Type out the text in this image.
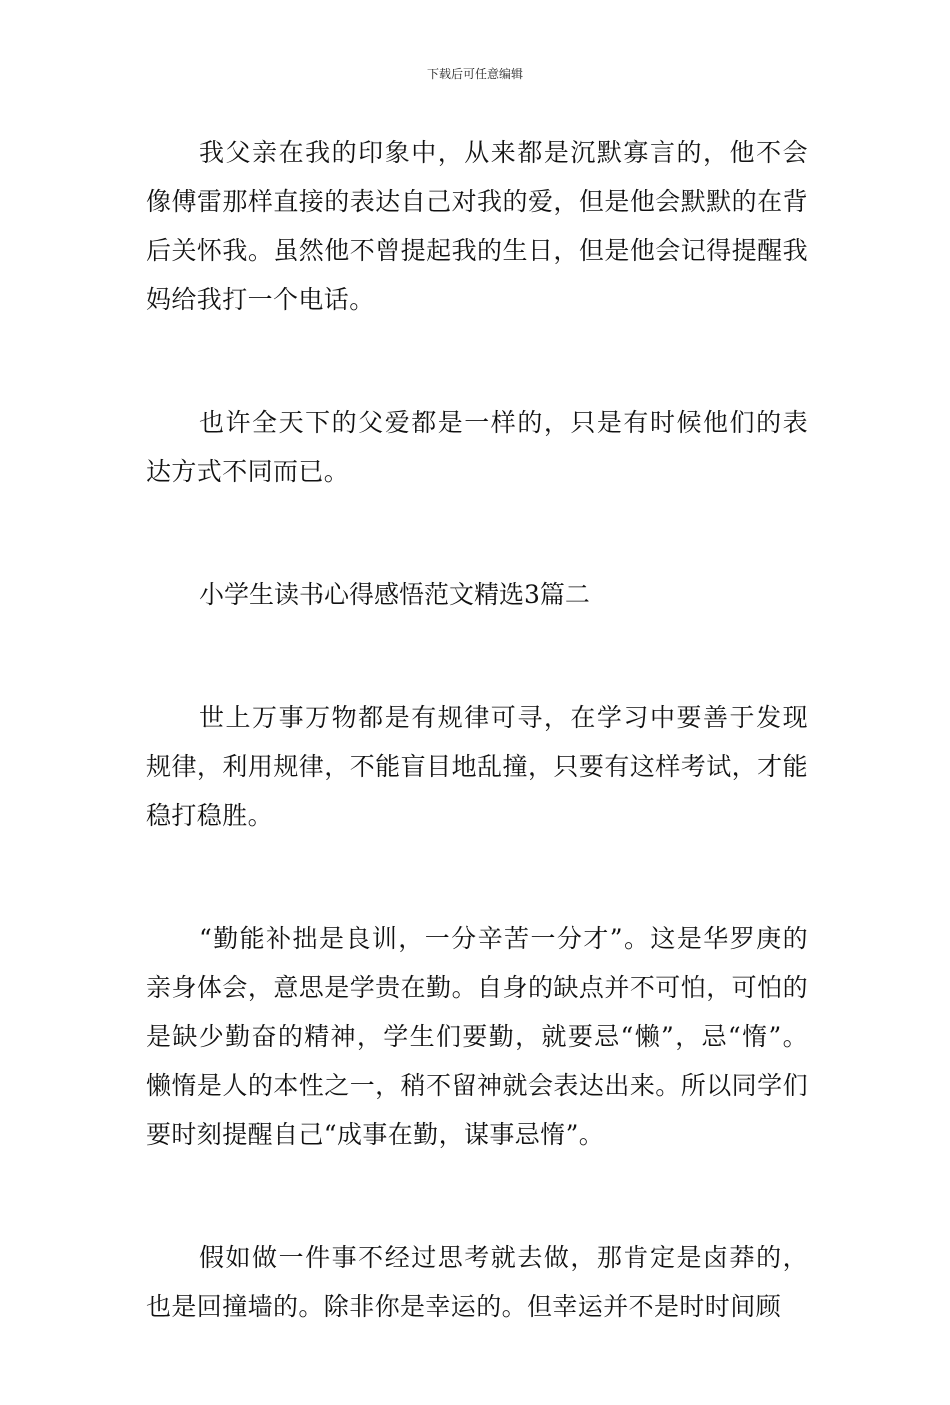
下载后可任意编辑

我父亲在我的印象中，从来都是沉默寡言的，他不会像傅雷那样直接的表达自己对我的爱，但是他会默默的在背后关怀我。虽然他不曾提起我的生日，但是他会记得提醒我妈给我打一个电话。

也许全天下的父爱都是一样的，只是有时候他们的表达方式不同而已。

小学生读书心得感悟范文精选3篇二

世上万事万物都是有规律可寻，在学习中要善于发现规律，利用规律，不能盲目地乱撞，只要有这样考试，才能稳打稳胜。

“勤能补拙是良训，一分辛苦一分才”。这是华罗庚的亲身体会，意思是学贵在勤。自身的缺点并不可怕，可怕的是缺少勤奋的精神，学生们要勤，就要忌“懒”，忌“惰”。懒惰是人的本性之一，稍不留神就会表达出来。所以同学们要时刻提醒自己“成事在勤，谋事忌惰”。

假如做一件事不经过思考就去做，那肯定是卤莽的，也是回撞墙的。除非你是幸运的。但幸运并不是时时间顾
